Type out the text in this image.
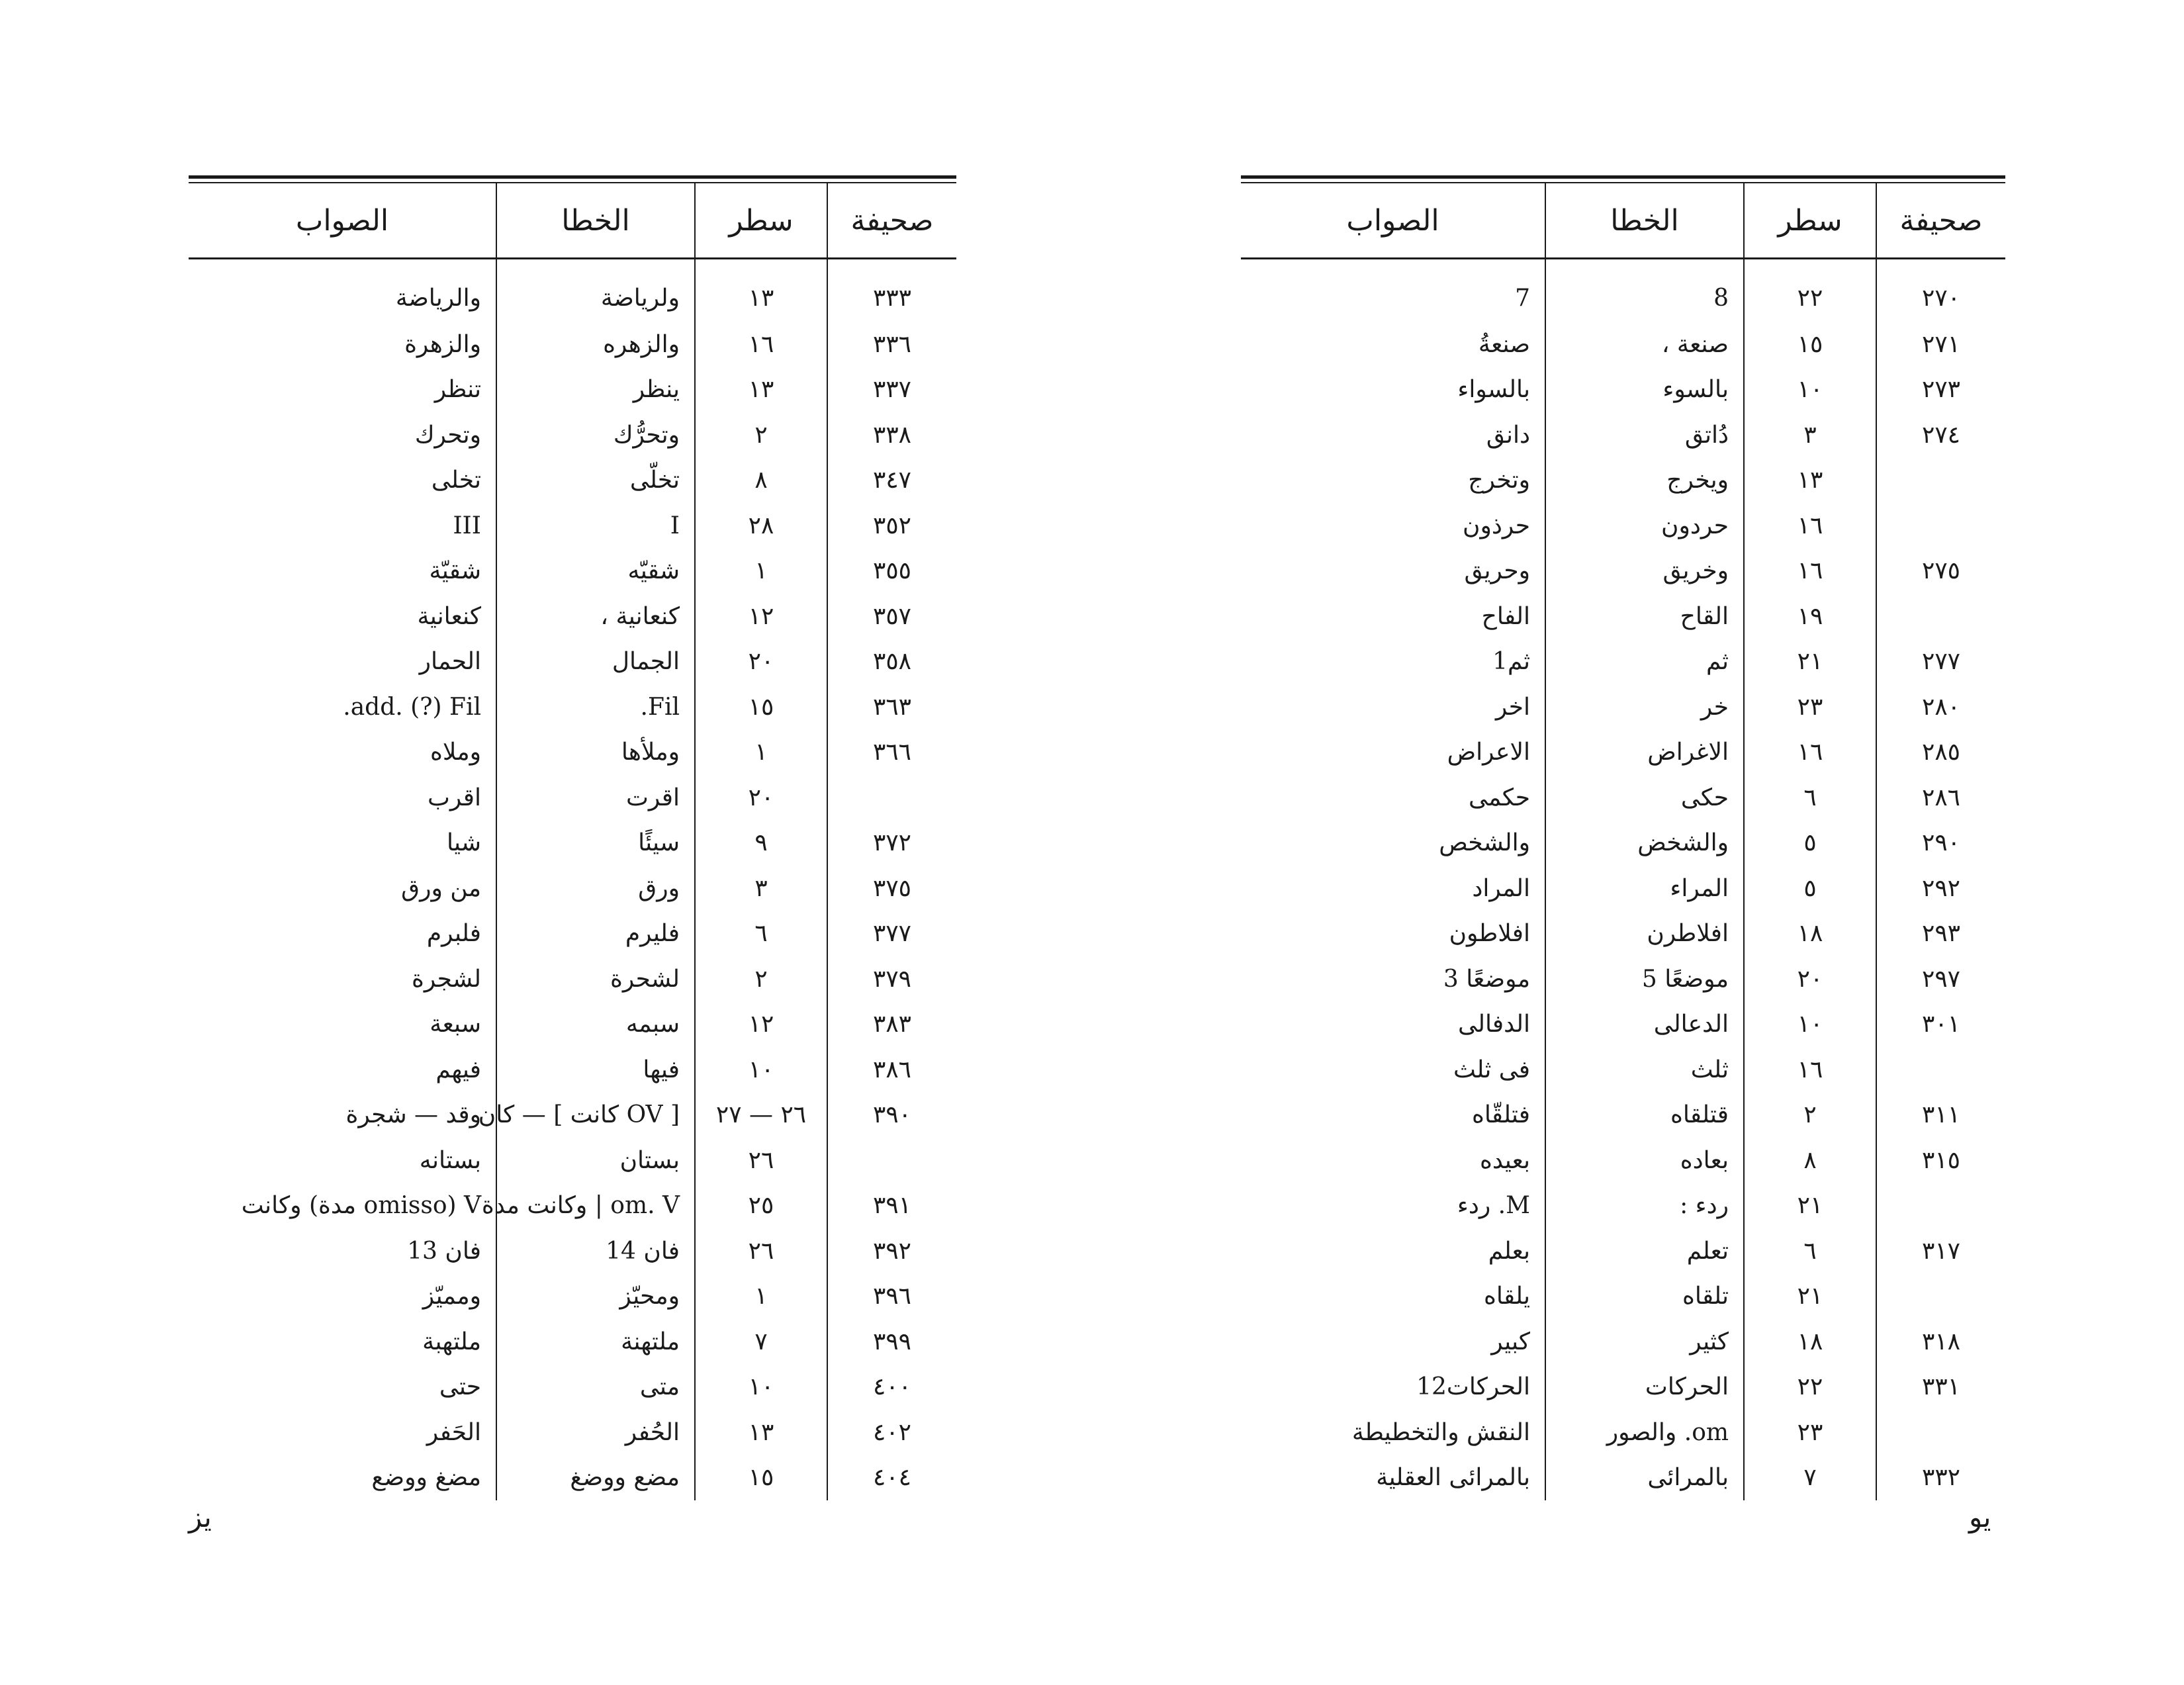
صحيفة	سطر	الخطا	الصواب
٢٧٠	٢٢	8	7
٢٧١	١٥	صنعة ،	صنعةُ
٢٧٣	١٠	بالسوء	بالسواء
٢٧٤	٣	دُاتق	دانق
	١٣	ويخرج	وتخرج
	١٦	حردون	حرذون
٢٧٥	١٦	وخريق	وحريق
	١٩	القاح	الفاح
٢٧٧	٢١	ثم	ثم1
٢٨٠	٢٣	خر	اخر
٢٨٥	١٦	الاغراض	الاعراض
٢٨٦	٦	حكى	حكمى
٢٩٠	٥	والشخض	والشخص
٢٩٢	٥	المراء	المراد
٢٩٣	١٨	افلاطرن	افلاطون
٢٩٧	٢٠	موضعًا 5	موضعًا 3
٣٠١	١٠	الدعالى	الدفالى
	١٦	ثلث	فى ثلث
٣١١	٢	قتلقاه	فتلقّاه
٣١٥	٨	بعاده	بعيده
	٢١	ردء :	M. ردء
٣١٧	٦	تعلم	بعلم
	٢١	تلقاه	يلقاه
٣١٨	١٨	كثير	كبير
٣٣١	٢٢	الحركات	الحركات12
	٢٣	om. والصور	النقش والتخطيطة
٣٣٢	٧	بالمرائى	بالمرائى العقلية
يو
صحيفة	سطر	الخطا	الصواب
٣٣٣	١٣	ولرياضة	والرياضة
٣٣٦	١٦	والزهره	والزهرة
٣٣٧	١٣	ينظر	تنظر
٣٣٨	٢	وتحرُّك	وتحرك
٣٤٧	٨	تخلّى	تخلى
٣٥٢	٢٨	I	III
٣٥٥	١	شقيّه	شقيّة
٣٥٧	١٢	كنعانية ،	كنعانية
٣٥٨	٢٠	الجمال	الحمار
٣٦٣	١٥	Fil.	add. (?) Fil.
٣٦٦	١	وملأها	وملاه
	٢٠	اقرت	اقرب
٣٧٢	٩	سيئًا	شيا
٣٧٥	٣	ورق	من ورق
٣٧٧	٦	فليرم	فلبرم
٣٧٩	٢	لشحرة	لشجرة
٣٨٣	١٢	سبمه	سبعة
٣٨٦	١٠	فيها	فيهم
٣٩٠	٢٦ — ٢٧	[ OV كانت ] — كان	وقد — شجرة
	٢٦	بستان	بستانه
٣٩١	٢٥	om. V | وكانت مدة	V (omisso مدة) وكانت
٣٩٢	٢٦	فان 14	فان 13
٣٩٦	١	ومحيّز	ومميّز
٣٩٩	٧	ملتهنة	ملتهبة
٤٠٠	١٠	متى	حتى
٤٠٢	١٣	الحُفر	الحَفر
٤٠٤	١٥	مضع ووضغ	مضغ ووضع
يز
